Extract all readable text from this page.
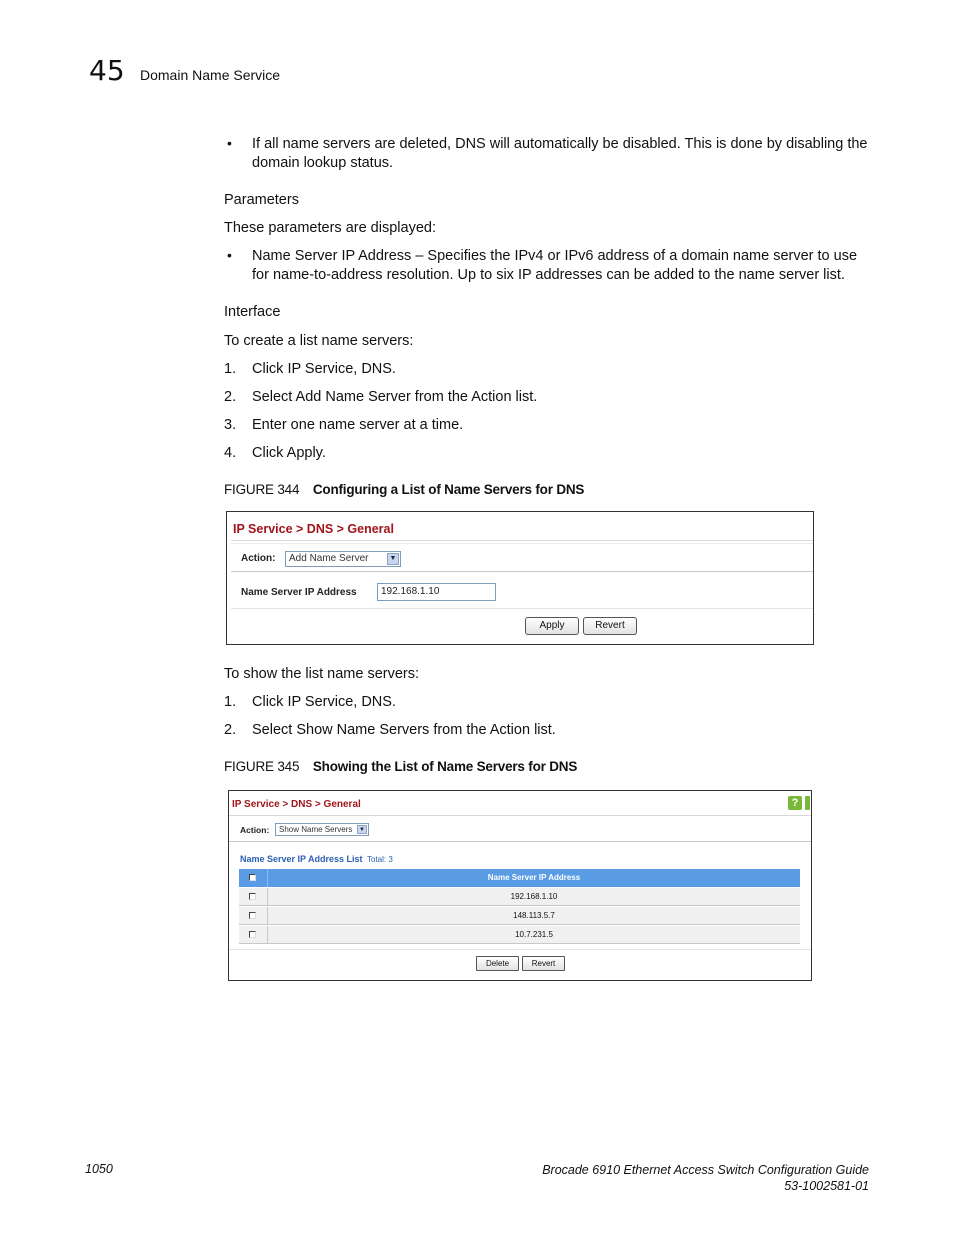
45 Domain Name Service
• If all name servers are deleted, DNS will automatically be disabled. This is done by disabling the domain lookup status.
Parameters
These parameters are displayed:
• Name Server IP Address – Specifies the IPv4 or IPv6 address of a domain name server to use for name-to-address resolution. Up to six IP addresses can be added to the name server list.
Interface
To create a list name servers:
1. Click IP Service, DNS.
2. Select Add Name Server from the Action list.
3. Enter one name server at a time.
4. Click Apply.
FIGURE 344 Configuring a List of Name Servers for DNS
IP Service > DNS > General
Action:	Add Name Server	▼
Name Server IP Address	192.168.1.10
Apply	Revert
To show the list name servers:
1. Click IP Service, DNS.
2. Select Show Name Servers from the Action list.
FIGURE 345 Showing the List of Name Servers for DNS
IP Service > DNS > General	?
Action:	Show Name Servers	▼
Name Server IP Address List Total: 3
Name Server IP Address
192.168.1.10
148.113.5.7
10.7.231.5
Delete	Revert
1050	Brocade 6910 Ethernet Access Switch Configuration Guide
53-1002581-01
